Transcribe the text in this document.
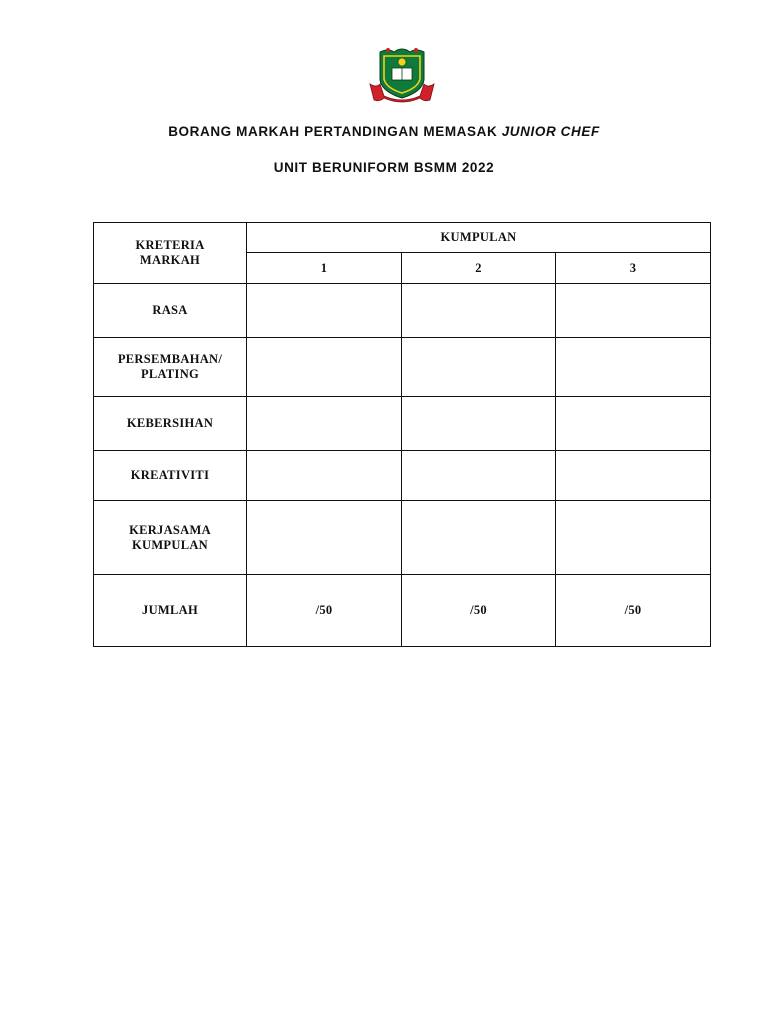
BORANG MARKAH PERTANDINGAN MEMASAK JUNIOR CHEF
UNIT BERUNIFORM BSMM 2022
KRETERIA MARKAH	KUMPULAN		
	1	2	3
RASA			
PERSEMBAHAN/ PLATING			
KEBERSIHAN			
KREATIVITI			
KERJASAMA KUMPULAN			
JUMLAH	/50	/50	/50
